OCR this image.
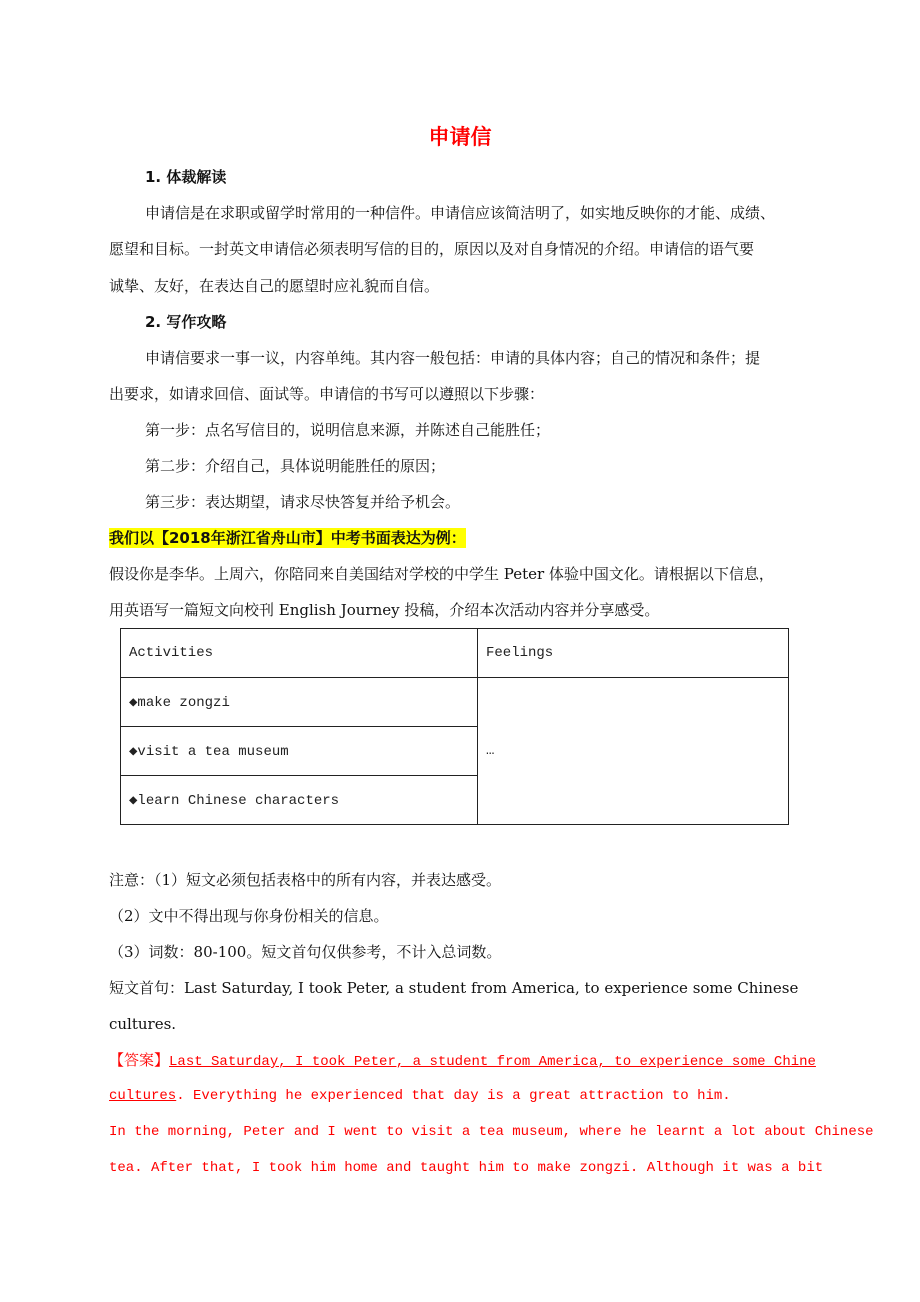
申请信
1. 体裁解读
申请信是在求职或留学时常用的一种信件。申请信应该简洁明了，如实地反映你的才能、成绩、
愿望和目标。一封英文申请信必须表明写信的目的，原因以及对自身情况的介绍。申请信的语气要
诚挚、友好，在表达自己的愿望时应礼貌而自信。
2. 写作攻略
申请信要求一事一议，内容单纯。其内容一般包括：申请的具体内容；自己的情况和条件；提
出要求，如请求回信、面试等。申请信的书写可以遵照以下步骤：
第一步：点名写信目的，说明信息来源，并陈述自己能胜任；
第二步：介绍自己，具体说明能胜任的原因；
第三步：表达期望，请求尽快答复并给予机会。
我们以【2018年浙江省舟山市】中考书面表达为例：
假设你是李华。上周六，你陪同来自美国结对学校的中学生 Peter 体验中国文化。请根据以下信息，
用英语写一篇短文向校刊 English Journey 投稿，介绍本次活动内容并分享感受。
Activities	Feelings
◆make zongzi	…
◆visit a tea museum	
◆learn Chinese characters	
注意：（1）短文必须包括表格中的所有内容，并表达感受。
（2）文中不得出现与你身份相关的信息。
（3）词数：80-100。短文首句仅供参考，不计入总词数。
短文首句：Last Saturday, I took Peter, a student from America, to experience some Chinese
cultures.
【答案】Last Saturday, I took Peter, a student from America, to experience some Chine
cultures. Everything he experienced that day is a great attraction to him.
In the morning, Peter and I went to visit a tea museum, where he learnt a lot about Chinese
tea. After that, I took him home and taught him to make zongzi. Although it was a bit
